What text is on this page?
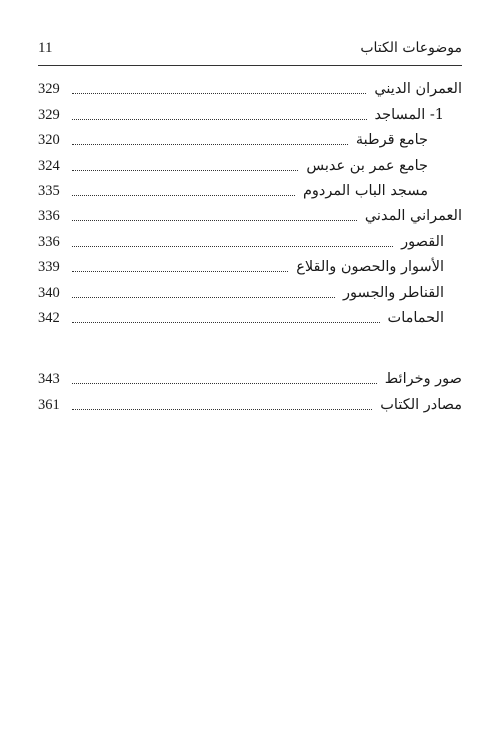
11	موضوعات الكتاب
العمران الديني
329
1- المساجد
329
جامع قرطبة
320
جامع عمر بن عدبس
324
مسجد الباب المردوم
335
العمراني المدني
336
القصور
336
الأسوار والحصون والقلاع
339
القناطر والجسور
340
الحمامات
342
صور وخرائط
343
مصادر الكتاب
361
